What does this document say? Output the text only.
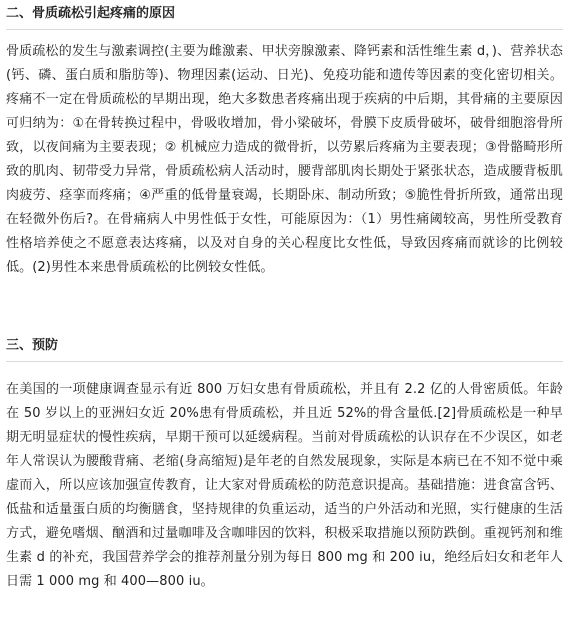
二、骨质疏松引起疼痛的原因

骨质疏松的发生与激素调控(主要为雌激素、甲状旁腺激素、降钙素和活性维生素 d，)、营养状态(钙、磷、蛋白质和脂肪等)、物理因素(运动、日光)、免疫功能和遗传等因素的变化密切相关。疼痛不一定在骨质疏松的早期出现，绝大多数患者疼痛出现于疾病的中后期，其骨痛的主要原因可归纳为：①在骨转换过程中，骨吸收增加，骨小梁破坏，骨膜下皮质骨破坏，破骨细胞溶骨所致，以夜间痛为主要表现；② 机械应力造成的微骨折，以劳累后疼痛为主要表现；③骨骼畸形所致的肌肉、韧带受力异常，骨质疏松病人活动时，腰背部肌肉长期处于紧张状态，造成腰背板肌肉疲劳、痉挛而疼痛；④严重的低骨量衰竭，长期卧床、制动所致；⑤脆性骨折所致，通常出现在轻微外伤后?。在骨痛病人中男性低于女性，可能原因为：（1）男性痛阈较高，男性所受教育性格培养使之不愿意表达疼痛，以及对自身的关心程度比女性低，导致因疼痛而就诊的比例较低。(2)男性本来患骨质疏松的比例较女性低。

三、预防

在美国的一项健康调查显示有近 800 万妇女患有骨质疏松，并且有 2.2 亿的人骨密质低。年龄在 50 岁以上的亚洲妇女近 20%患有骨质疏松，并且近 52%的骨含量低.[2]骨质疏松是一种早期无明显症状的慢性疾病，早期干预可以延缓病程。当前对骨质疏松的认识存在不少误区，如老年人常误认为腰酸背痛、老缩(身高缩短)是年老的自然发展现象，实际是本病已在不知不觉中乘虚而入，所以应该加强宣传教育，让大家对骨质疏松的防范意识提高。基础措施：进食富含钙、低盐和适量蛋白质的均衡膳食，坚持规律的负重运动，适当的户外活动和光照，实行健康的生活方式，避免嗜烟、酗酒和过量咖啡及含咖啡因的饮料，积极采取措施以预防跌倒。重视钙剂和维生素 d 的补充，我国营养学会的推荐剂量分别为每日 800 mg 和 200 iu，绝经后妇女和老年人日需 1 000 mg 和 400—800 iu。
